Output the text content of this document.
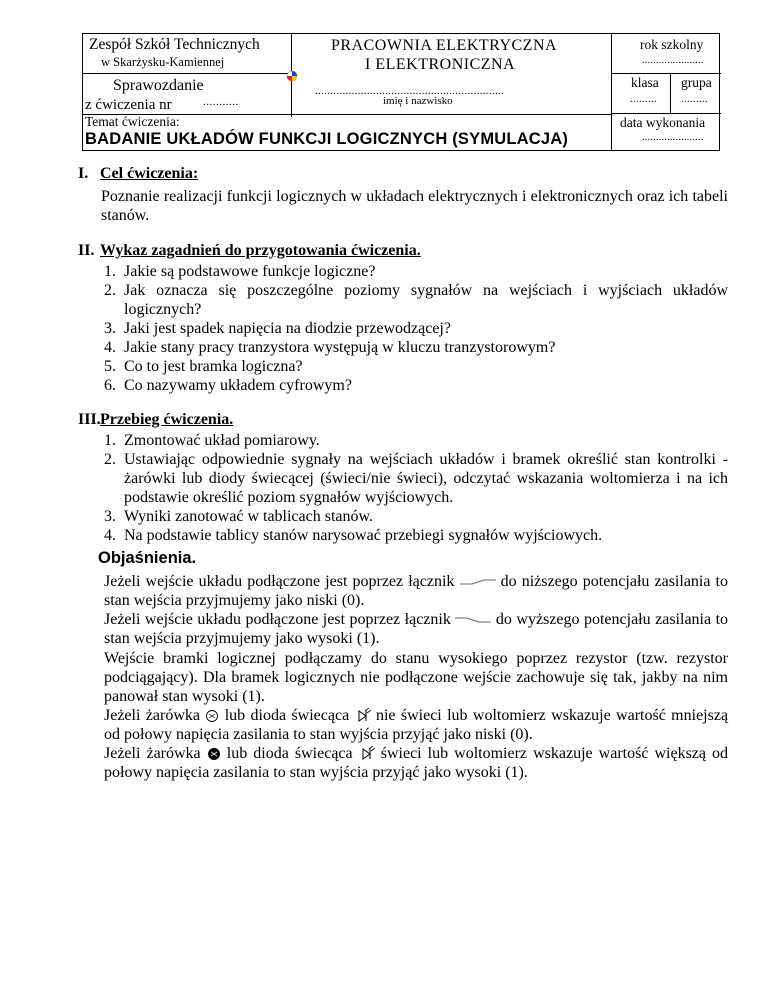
Zespół Szkół Technicznych
w Skarżysku-Kamiennej
Sprawozdanie
z ćwiczenia nr	...........
Temat ćwiczenia:
BADANIE UKŁADÓW FUNKCJI LOGICZNYCH (SYMULACJA)
PRACOWNIA ELEKTRYCZNA
I ELEKTRONICZNA
..............................................................
imię i nazwisko
rok szkolny
......................
klasa grupa
......... .........
data wykonania
......................
I. Cel ćwiczenia:
Poznanie realizacji funkcji logicznych w układach elektrycznych i elektronicznych oraz ich tabeli stanów.
II. Wykaz zagadnień do przygotowania ćwiczenia.
1. Jakie są podstawowe funkcje logiczne?
2. Jak oznacza się poszczególne poziomy sygnałów na wejściach i wyjściach układów logicznych?
3. Jaki jest spadek napięcia na diodzie przewodzącej?
4. Jakie stany pracy tranzystora występują w kluczu tranzystorowym?
5. Co to jest bramka logiczna?
6. Co nazywamy układem cyfrowym?
III.Przebieg ćwiczenia.
1. Zmontować układ pomiarowy.
2. Ustawiając odpowiednie sygnały na wejściach układów i bramek określić stan kontrolki - żarówki lub diody świecącej (świeci/nie świeci), odczytać wskazania woltomierza i na ich podstawie określić poziom sygnałów wyjściowych.
3. Wyniki zanotować w tablicach stanów.
4. Na podstawie tablicy stanów narysować przebiegi sygnałów wyjściowych.
Objaśnienia.
Jeżeli wejście układu podłączone jest poprzez łącznik	do niższego potencjału zasilania to stan wejścia przyjmujemy jako niski (0).
Jeżeli wejście układu podłączone jest poprzez łącznik	do wyższego potencjału zasilania to stan wejścia przyjmujemy jako wysoki (1).
Wejście bramki logicznej podłączamy do stanu wysokiego poprzez rezystor (tzw. rezystor podciągający). Dla bramek logicznych nie podłączone wejście zachowuje się tak, jakby na nim panował stan wysoki (1).
Jeżeli żarówka lub dioda świecąca nie świeci lub woltomierz wskazuje wartość mniejszą od połowy napięcia zasilania to stan wyjścia przyjąć jako niski (0).
Jeżeli żarówka lub dioda świecąca świeci lub woltomierz wskazuje wartość większą od połowy napięcia zasilania to stan wyjścia przyjąć jako wysoki (1).
